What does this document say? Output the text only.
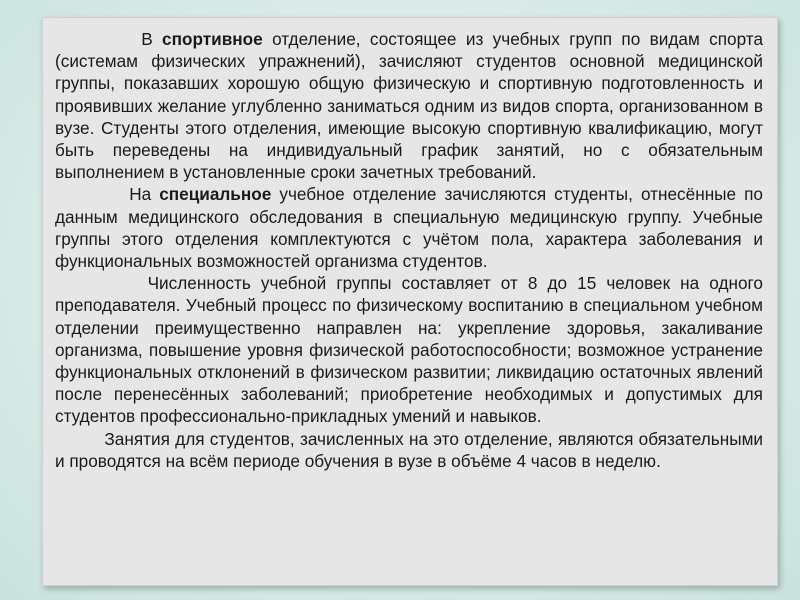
В спортивное отделение, состоящее из учебных групп по видам спорта (системам физических упражнений), зачисляют студентов основной медицинской группы, показавших хорошую общую физическую и спортивную подготовленность и проявивших желание углубленно заниматься одним из видов спорта, организованном в вузе. Студенты этого отделения, имеющие высокую спортивную квалификацию, могут быть переведены на индивидуальный график занятий, но с обязательным выполнением в установленные сроки зачетных требований.

На специальное учебное отделение зачисляются студенты, отнесённые по данным медицинского обследования в специальную медицинскую группу. Учебные группы этого отделения комплектуются с учётом пола, характера заболевания и функциональных возможностей организма студентов.

Численность учебной группы составляет от 8 до 15 человек на одного преподавателя. Учебный процесс по физическому воспитанию в специальном учебном отделении преимущественно направлен на: укрепление здоровья, закаливание организма, повышение уровня физической работоспособности; возможное устранение функциональных отклонений в физическом развитии; ликвидацию остаточных явлений после перенесённых заболеваний; приобретение необходимых и допустимых для студентов профессионально-прикладных умений и навыков.

Занятия для студентов, зачисленных на это отделение, являются обязательными и проводятся на всём периоде обучения в вузе в объёме 4 часов в неделю.
